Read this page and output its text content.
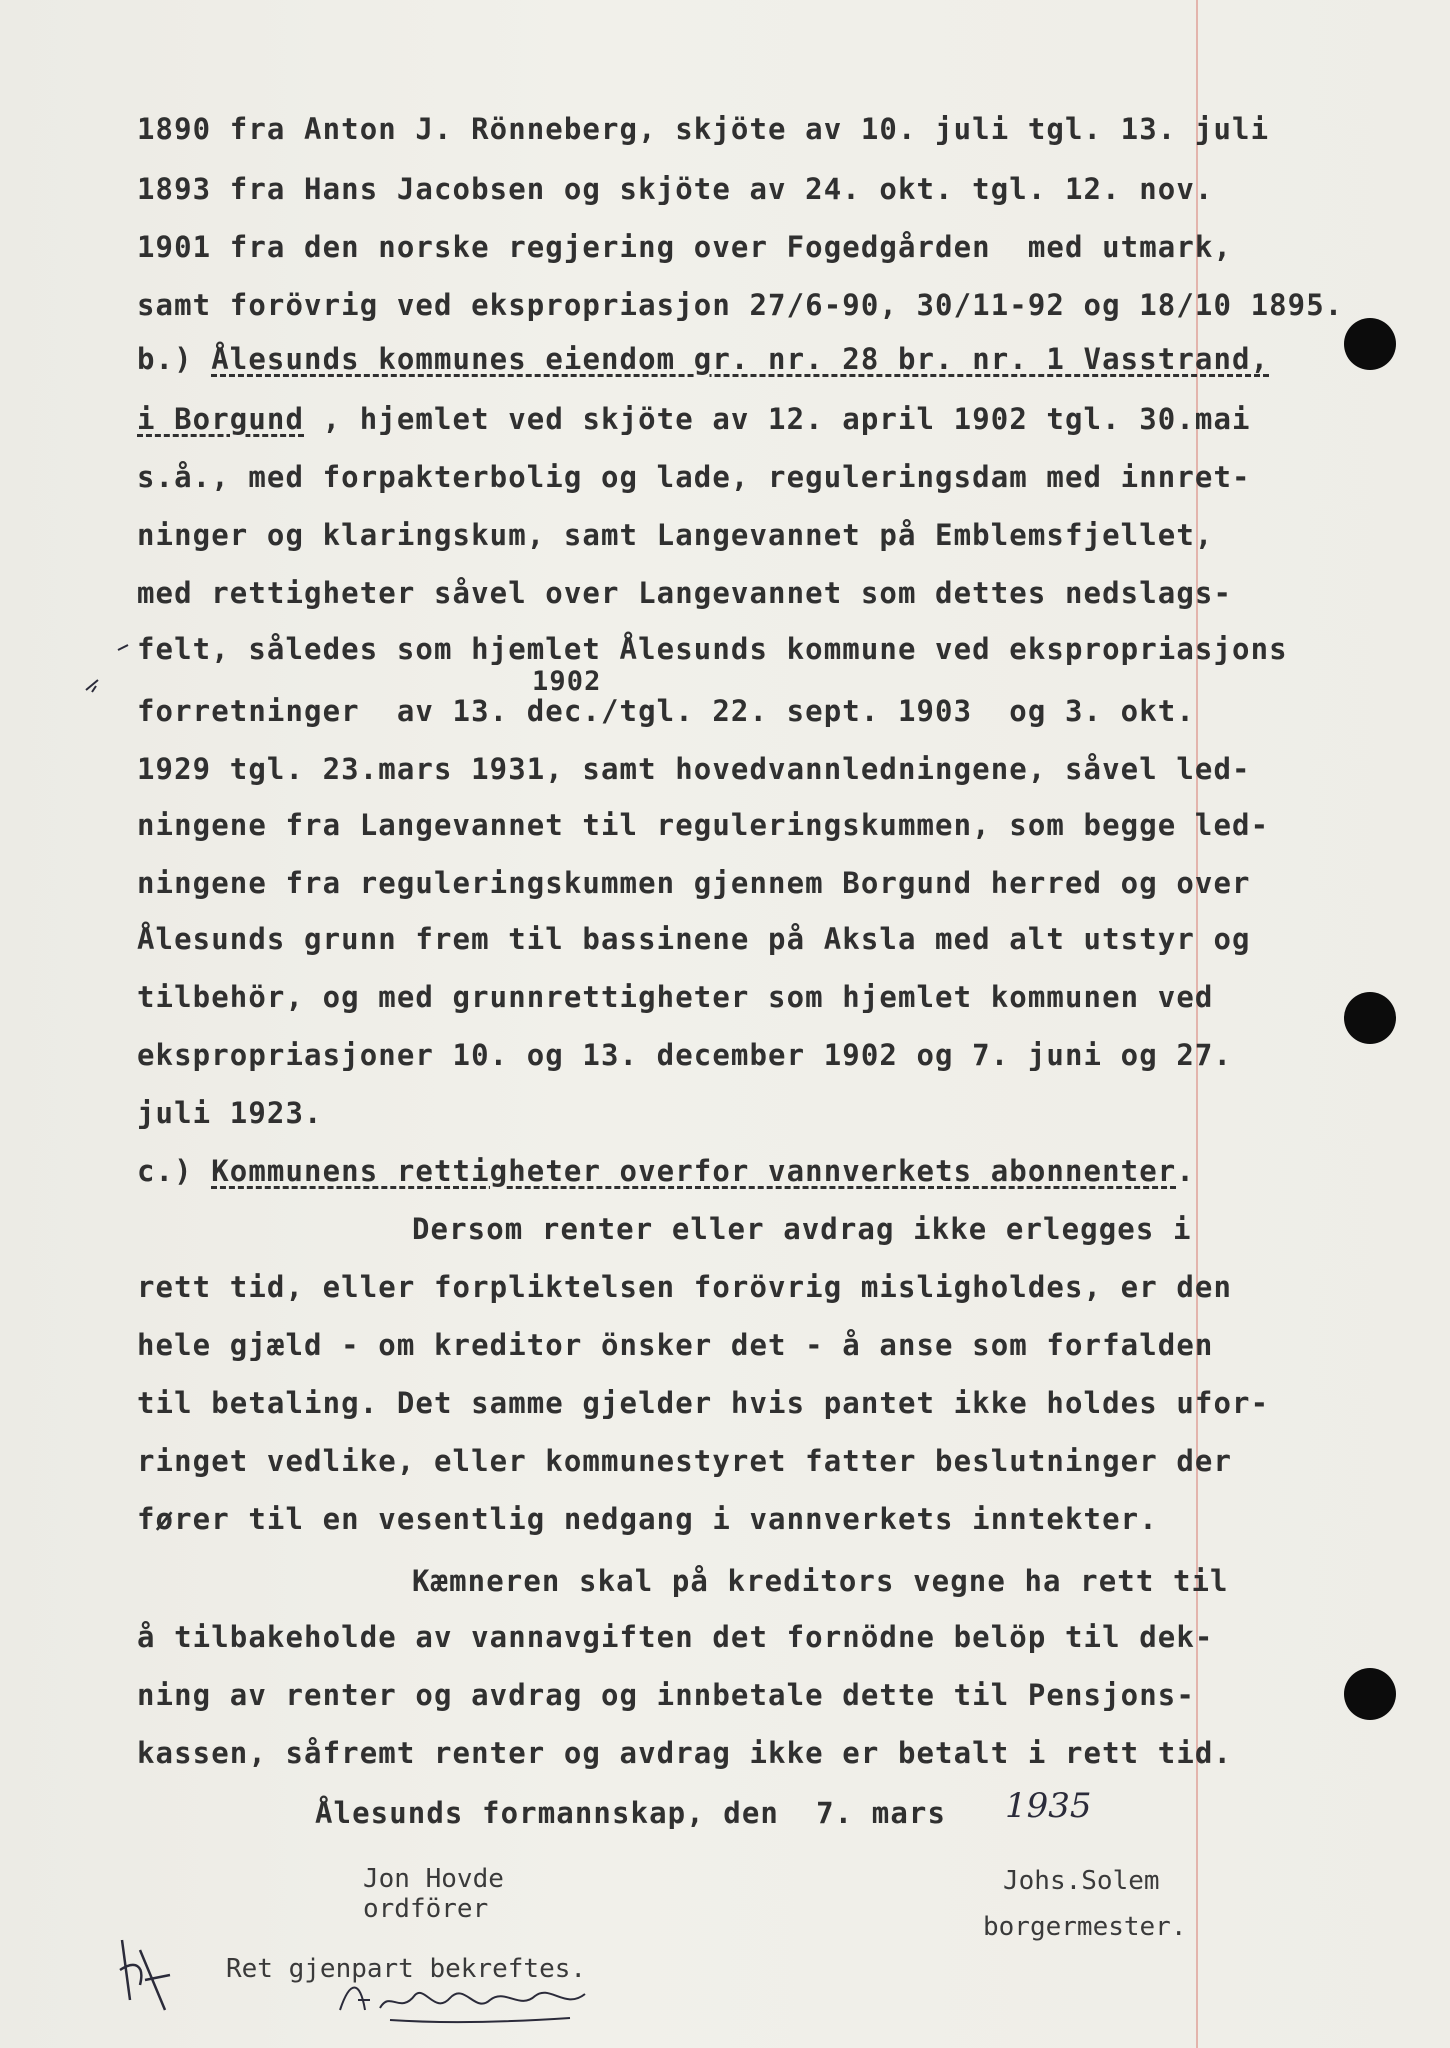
1890 fra Anton J. Rönneberg, skjöte av 10. juli tgl. 13. juli
1893 fra Hans Jacobsen og skjöte av 24. okt. tgl. 12. nov.
1901 fra den norske regjering over Fogedgården  med utmark,
samt forövrig ved ekspropriasjon 27/6-90, 30/11-92 og 18/10 1895.
b.) Ålesunds kommunes eiendom gr. nr. 28 br. nr. 1 Vasstrand,
i Borgund , hjemlet ved skjöte av 12. april 1902 tgl. 30.mai
s.å., med forpakterbolig og lade, reguleringsdam med innret-
ninger og klaringskum, samt Langevannet på Emblemsfjellet,
med rettigheter såvel over Langevannet som dettes nedslags-
felt, således som hjemlet Ålesunds kommune ved ekspropriasjons
1902
forretninger  av 13. dec./tgl. 22. sept. 1903  og 3. okt.
1929 tgl. 23.mars 1931, samt hovedvannledningene, såvel led-
ningene fra Langevannet til reguleringskummen, som begge led-
ningene fra reguleringskummen gjennem Borgund herred og over
Ålesunds grunn frem til bassinene på Aksla med alt utstyr og
tilbehör, og med grunnrettigheter som hjemlet kommunen ved
ekspropriasjoner 10. og 13. december 1902 og 7. juni og 27.
juli 1923.
c.) Kommunens rettigheter overfor vannverkets abonnenter.
Dersom renter eller avdrag ikke erlegges i
rett tid, eller forpliktelsen forövrig misligholdes, er den
hele gjæld - om kreditor önsker det - å anse som forfalden
til betaling. Det samme gjelder hvis pantet ikke holdes ufor-
ringet vedlike, eller kommunestyret fatter beslutninger der
fører til en vesentlig nedgang i vannverkets inntekter.
Kæmneren skal på kreditors vegne ha rett til
å tilbakeholde av vannavgiften det fornödne belöp til dek-
ning av renter og avdrag og innbetale dette til Pensjons-
kassen, såfremt renter og avdrag ikke er betalt i rett tid.
Ålesunds formannskap, den  7. mars 1935
Jon Hovde
ordförer
Johs.Solem
borgermester.
Ret gjenpart bekreftes.
